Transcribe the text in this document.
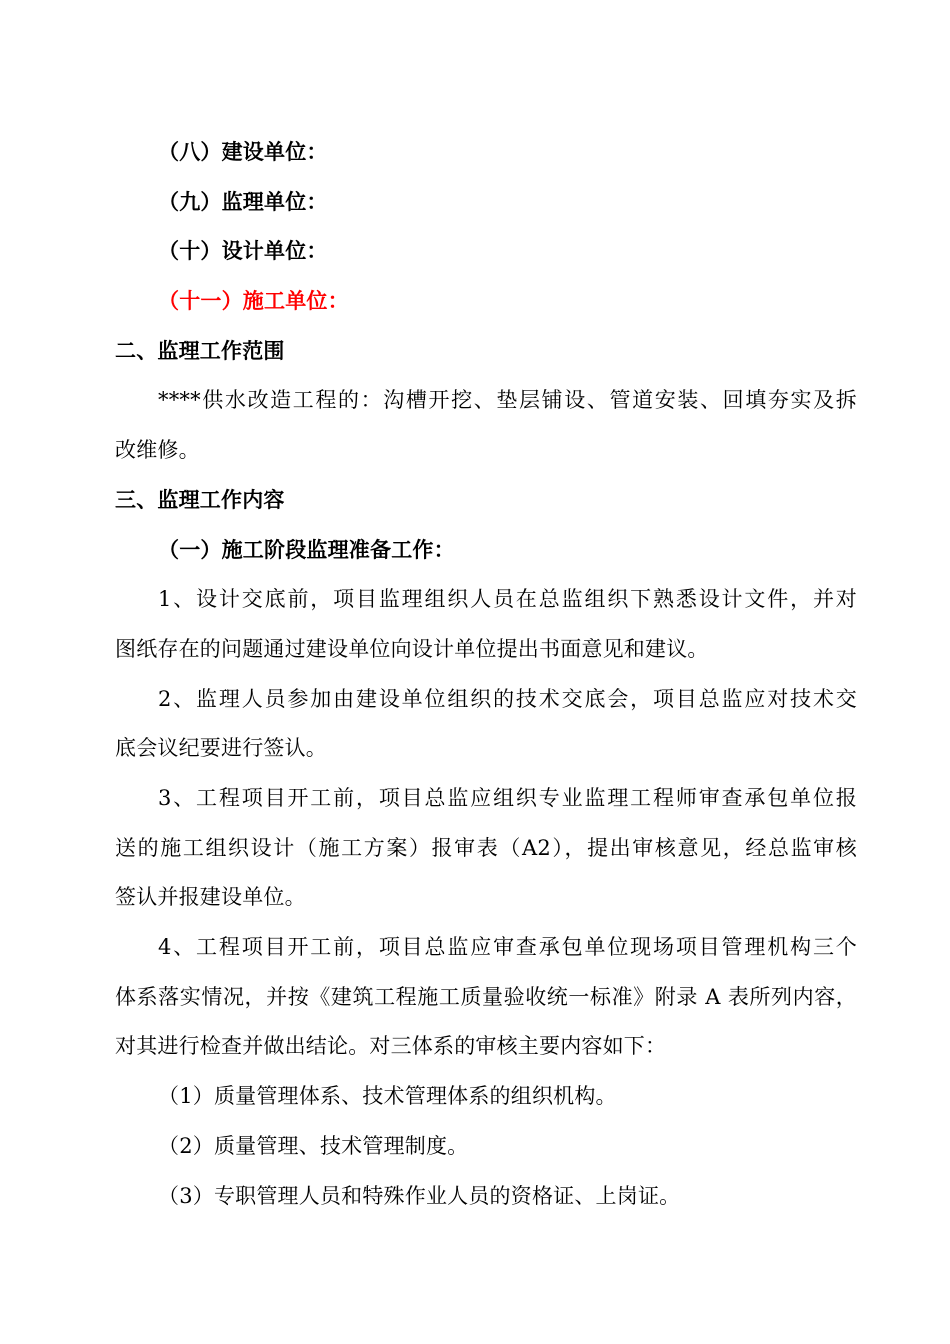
（八）建设单位：
（九）监理单位：
（十）设计单位：
（十一）施工单位：
二、监理工作范围
****供水改造工程的：沟槽开挖、垫层铺设、管道安装、回填夯实及拆
改维修。
三、监理工作内容
（一）施工阶段监理准备工作：
1、设计交底前，项目监理组织人员在总监组织下熟悉设计文件，并对
图纸存在的问题通过建设单位向设计单位提出书面意见和建议。
2、监理人员参加由建设单位组织的技术交底会，项目总监应对技术交
底会议纪要进行签认。
3、工程项目开工前，项目总监应组织专业监理工程师审查承包单位报
送的施工组织设计（施工方案）报审表（A2），提出审核意见，经总监审核
签认并报建设单位。
4、工程项目开工前，项目总监应审查承包单位现场项目管理机构三个
体系落实情况，并按《建筑工程施工质量验收统一标准》附录 A 表所列内容，
对其进行检查并做出结论。对三体系的审核主要内容如下：
（1）质量管理体系、技术管理体系的组织机构。
（2）质量管理、技术管理制度。
（3）专职管理人员和特殊作业人员的资格证、上岗证。
